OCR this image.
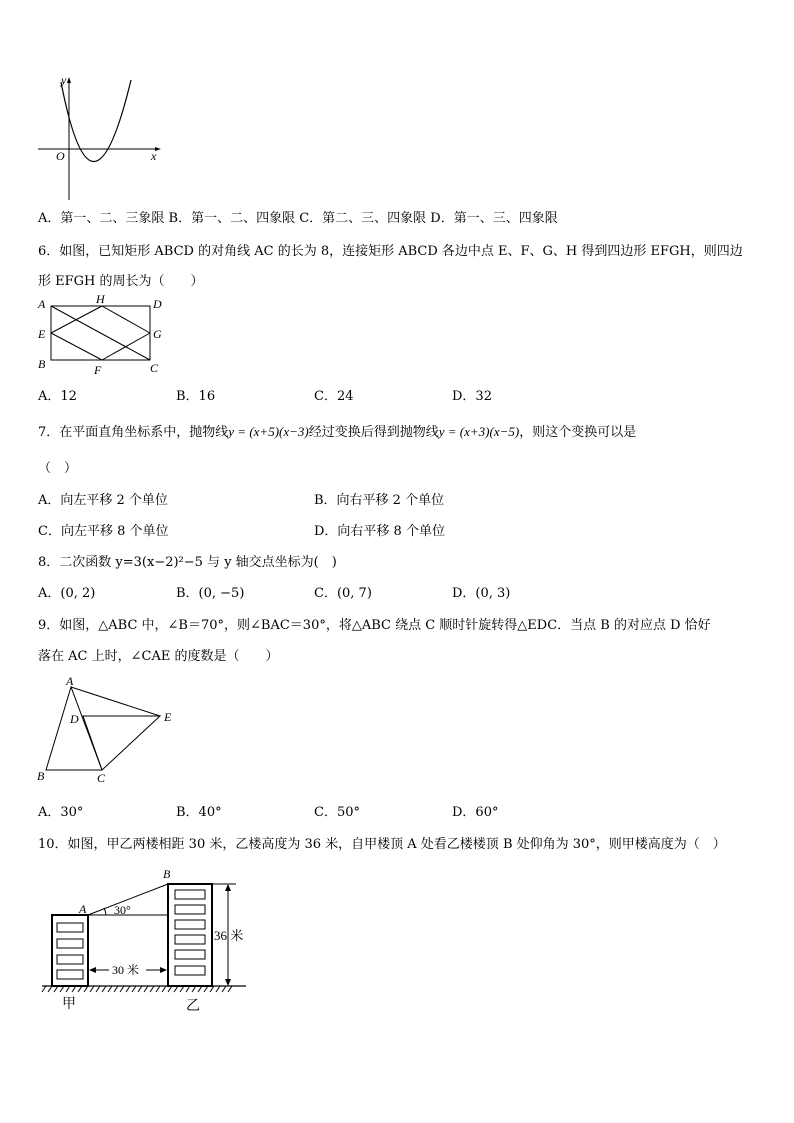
y
x
O
A．第一、二、三象限 B．第一、二、四象限 C．第二、三、四象限 D．第一、三、四象限
6．如图，已知矩形 ABCD 的对角线 AC 的长为 8，连接矩形 ABCD 各边中点 E、F、G、H 得到四边形 EFGH，则四边
形 EFGH 的周长为（　　）
A	H	D
E	G
B	F	C
A．12	B．16	C．24	D．32
7．在平面直角坐标系中，抛物线y = (x+5)(x−3)经过变换后得到抛物线y = (x+3)(x−5)，则这个变换可以是
（　）
A．向左平移 2 个单位	B．向右平移 2 个单位
C．向左平移 8 个单位	D．向右平移 8 个单位
8．二次函数 y=3(x−2)²−5 与 y 轴交点坐标为(　)
A．(0, 2)	B．(0, −5)	C．(0, 7)	D．(0, 3)
9．如图，△ABC 中，∠B＝70°，则∠BAC＝30°，将△ABC 绕点 C 顺时针旋转得△EDC．当点 B 的对应点 D 恰好
落在 AC 上时，∠CAE 的度数是（　　）
A
D	E
B	C
A．30°	B．40°	C．50°	D．60°
10．如图，甲乙两楼相距 30 米，乙楼高度为 36 米，自甲楼顶 A 处看乙楼楼顶 B 处仰角为 30°，则甲楼高度为（　）
A
B
30°
36 米
30 米
甲	乙
